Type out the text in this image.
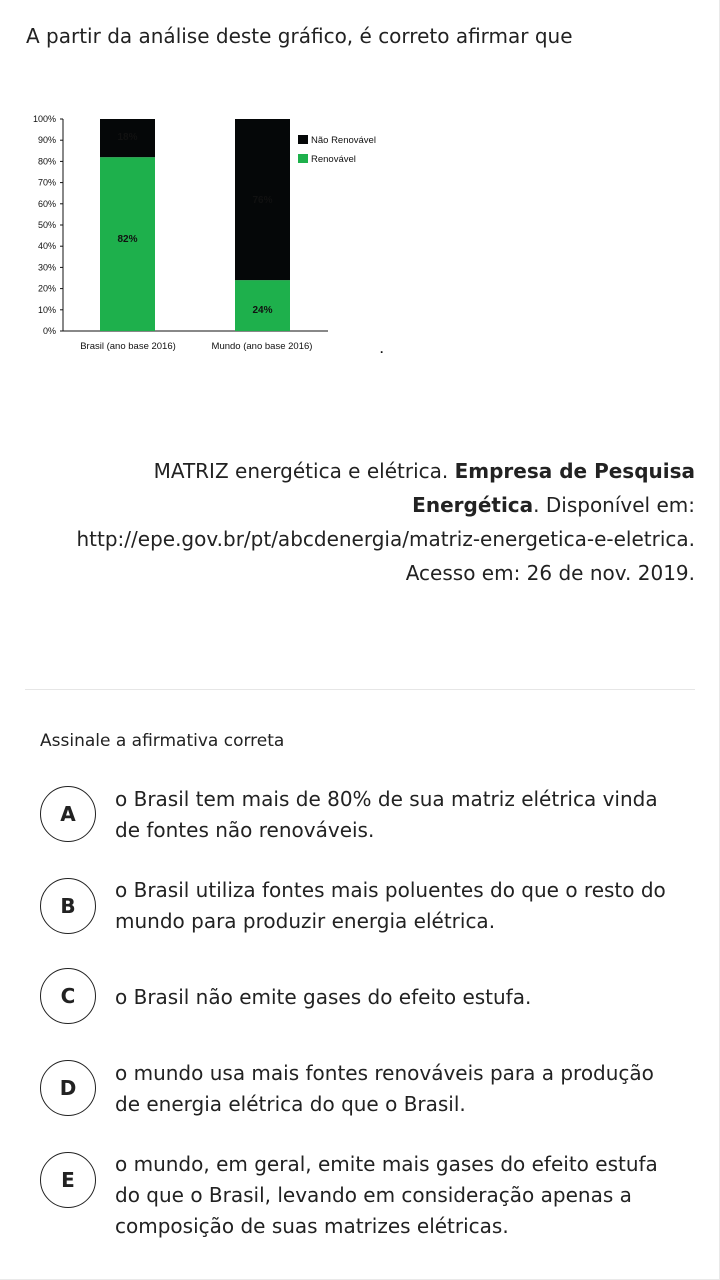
A partir da análise deste gráfico, é correto afirmar que
100%
90%
80%
70%
60%
50%
40%
30%
20%
10%
0%
82%
18%
Brasil (ano base 2016)
24%
76%
Mundo (ano base 2016)
Não Renovável
Renovável
.
MATRIZ energética e elétrica. Empresa de Pesquisa Energética. Disponível em: http://epe.gov.br/pt/abcdenergia/matriz-energetica-e-eletrica. Acesso em: 26 de nov. 2019.
Assinale a afirmativa correta
A
o Brasil tem mais de 80% de sua matriz elétrica vinda de fontes não renováveis.
B
o Brasil utiliza fontes mais poluentes do que o resto do mundo para produzir energia elétrica.
C	o Brasil não emite gases do efeito estufa.
D
o mundo usa mais fontes renováveis para a produção de energia elétrica do que o Brasil.
E
o mundo, em geral, emite mais gases do efeito estufa do que o Brasil, levando em consideração apenas a composição de suas matrizes elétricas.
